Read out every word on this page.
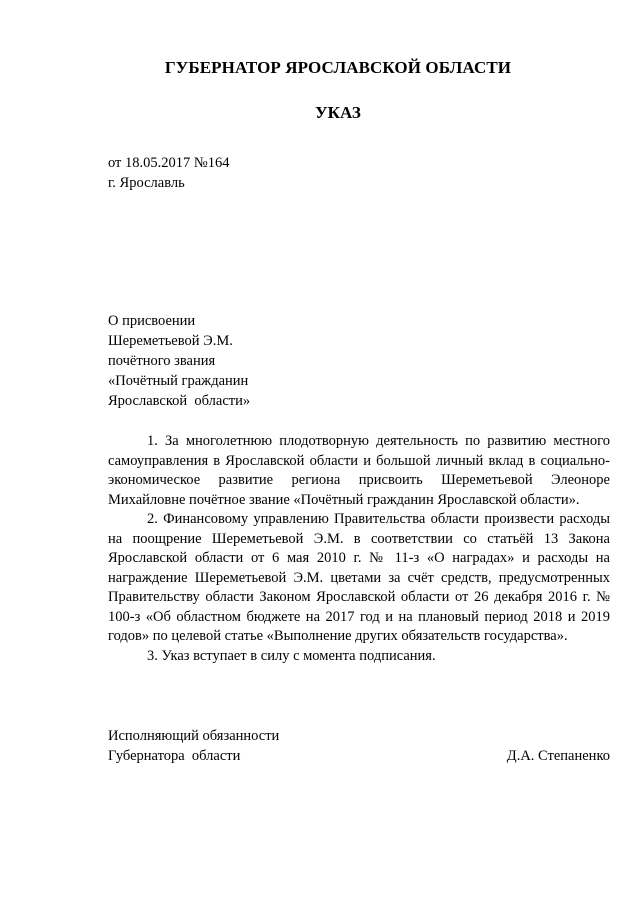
ГУБЕРНАТОР ЯРОСЛАВСКОЙ ОБЛАСТИ
УКАЗ
от 18.05.2017 №164
г. Ярославль
О присвоении
Шереметьевой Э.М.
почётного звания
«Почётный гражданин
Ярославской  области»

1. За многолетнюю плодотворную деятельность по развитию местного самоуправления в Ярославской области и большой личный вклад в социально-экономическое развитие региона присвоить Шереметьевой Элеоноре Михайловне почётное звание «Почётный гражданин Ярославской области».

2. Финансовому управлению Правительства области произвести расходы на поощрение Шереметьевой Э.М. в соответствии со статьёй 13 Закона Ярославской области от 6 мая 2010 г. № 11-з «О наградах» и расходы на награждение Шереметьевой Э.М. цветами за счёт средств, предусмотренных Правительству области Законом Ярославской области от 26 декабря 2016 г. № 100-з «Об областном бюджете на 2017 год и на плановый период 2018 и 2019 годов» по целевой статье «Выполнение других обязательств государства».

3. Указ вступает в силу с момента подписания.

Исполняющий обязанности
Губернатора  области	Д.А. Степаненко
